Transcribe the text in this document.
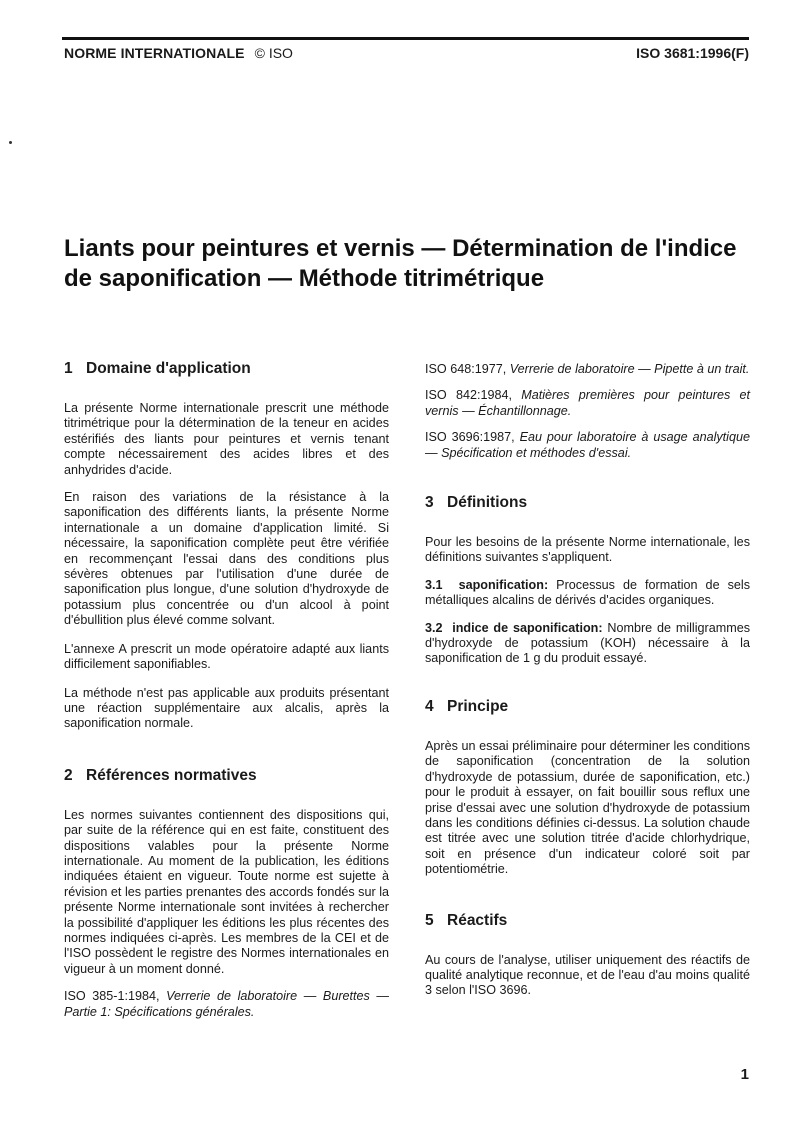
NORME INTERNATIONALE © ISO	ISO 3681:1996(F)
Liants pour peintures et vernis — Détermination de l'indice de saponification — Méthode titrimétrique
1 Domaine d'application

La présente Norme internationale prescrit une méthode titrimétrique pour la détermination de la teneur en acides estérifiés des liants pour peintures et vernis tenant compte nécessairement des acides libres et des anhydrides d'acide.

En raison des variations de la résistance à la saponification des différents liants, la présente Norme internationale a un domaine d'application limité. Si nécessaire, la saponification complète peut être vérifiée en recommençant l'essai dans des conditions plus sévères obtenues par l'utilisation d'une durée de saponification plus longue, d'une solution d'hydroxyde de potassium plus concentrée ou d'un alcool à point d'ébullition plus élevé comme solvant.

L'annexe A prescrit un mode opératoire adapté aux liants difficilement saponifiables.

La méthode n'est pas applicable aux produits présentant une réaction supplémentaire aux alcalis, après la saponification normale.

2 Références normatives

Les normes suivantes contiennent des dispositions qui, par suite de la référence qui en est faite, constituent des dispositions valables pour la présente Norme internationale. Au moment de la publication, les éditions indiquées étaient en vigueur. Toute norme est sujette à révision et les parties prenantes des accords fondés sur la présente Norme internationale sont invitées à rechercher la possibilité d'appliquer les éditions les plus récentes des normes indiquées ci-après. Les membres de la CEI et de l'ISO possèdent le registre des Normes internationales en vigueur à un moment donné.

ISO 385-1:1984, Verrerie de laboratoire — Burettes — Partie 1: Spécifications générales.

ISO 648:1977, Verrerie de laboratoire — Pipette à un trait.

ISO 842:1984, Matières premières pour peintures et vernis — Échantillonnage.

ISO 3696:1987, Eau pour laboratoire à usage analytique — Spécification et méthodes d'essai.

3 Définitions

Pour les besoins de la présente Norme internationale, les définitions suivantes s'appliquent.

3.1 saponification: Processus de formation de sels métalliques alcalins de dérivés d'acides organiques.

3.2 indice de saponification: Nombre de milligrammes d'hydroxyde de potassium (KOH) nécessaire à la saponification de 1 g du produit essayé.

4 Principe

Après un essai préliminaire pour déterminer les conditions de saponification (concentration de la solution d'hydroxyde de potassium, durée de saponification, etc.) pour le produit à essayer, on fait bouillir sous reflux une prise d'essai avec une solution d'hydroxyde de potassium dans les conditions définies ci-dessus. La solution chaude est titrée avec une solution titrée d'acide chlorhydrique, soit en présence d'un indicateur coloré soit par potentiométrie.

5 Réactifs

Au cours de l'analyse, utiliser uniquement des réactifs de qualité analytique reconnue, et de l'eau d'au moins qualité 3 selon l'ISO 3696.

1
